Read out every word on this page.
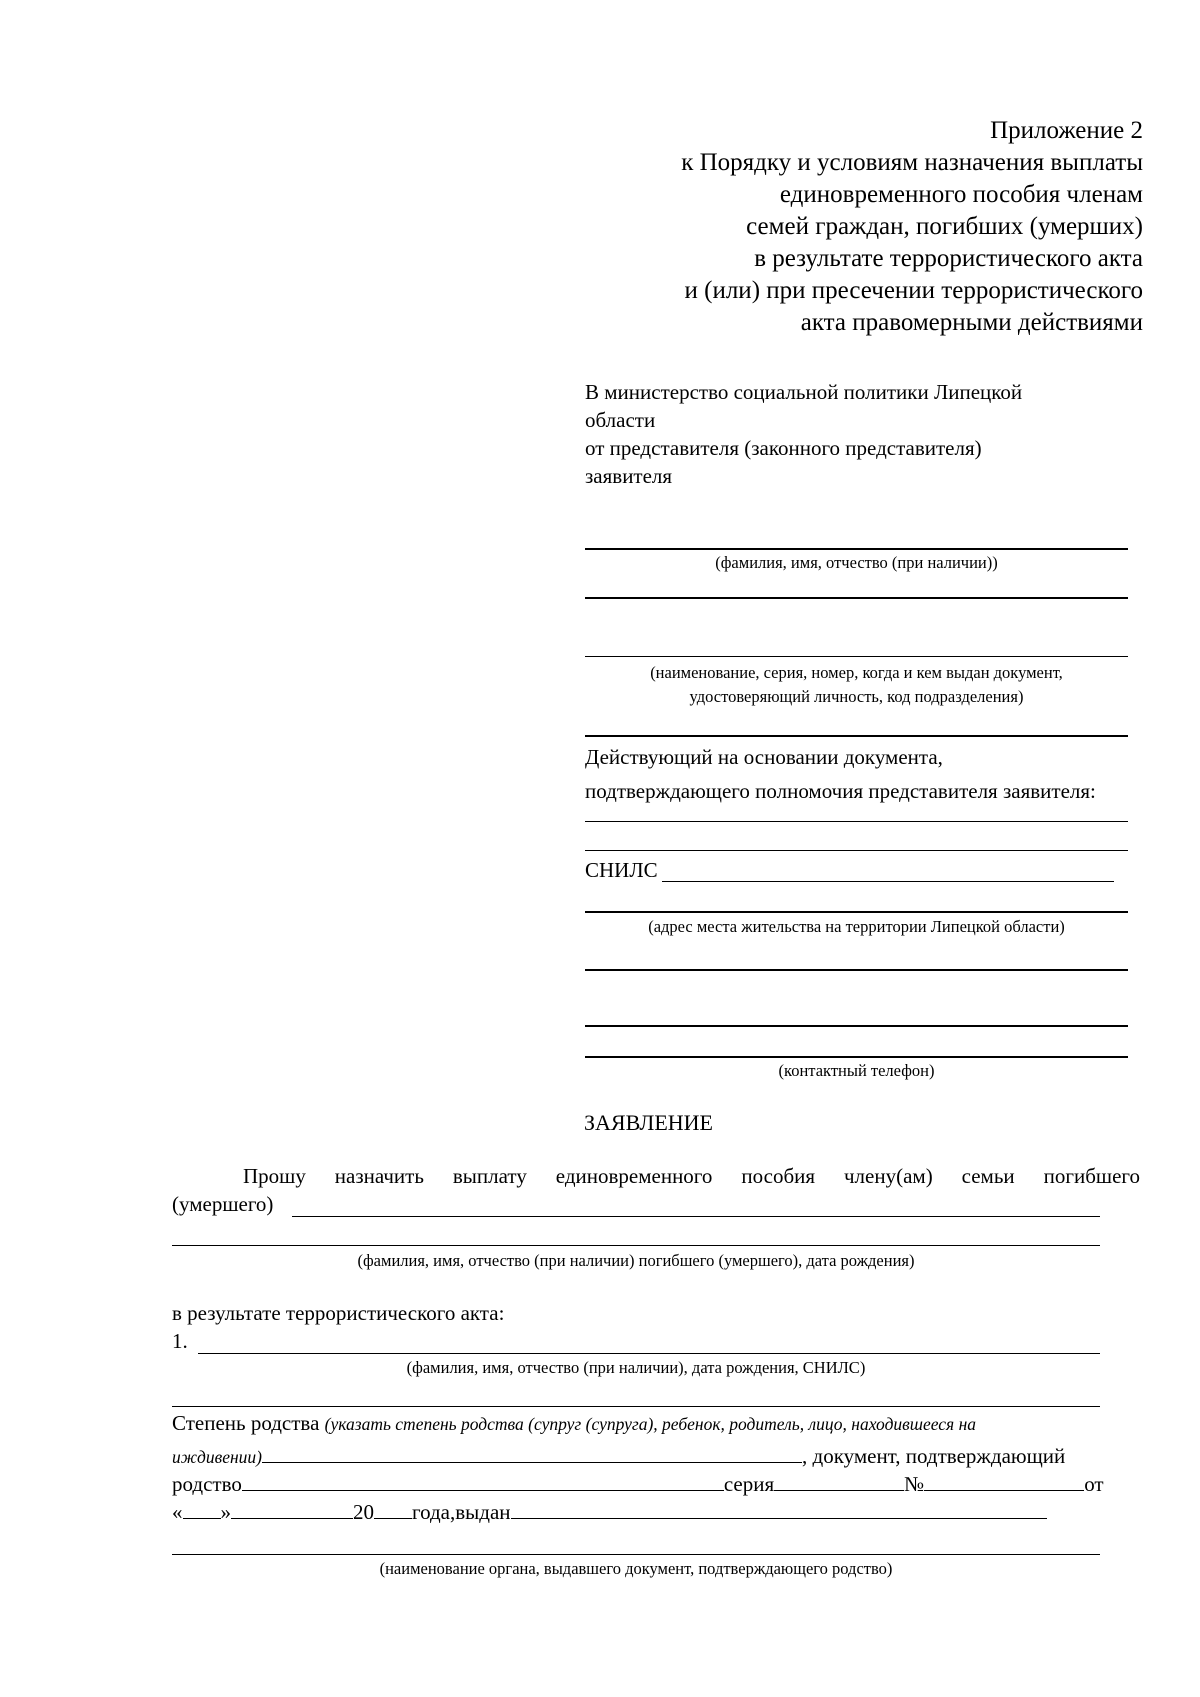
Приложение 2
к Порядку и условиям назначения выплаты
единовременного пособия членам
семей граждан, погибших (умерших)
в результате террористического акта
и (или) при пресечении террористического
акта правомерными действиями
В министерство социальной политики Липецкой
области
от представителя (законного представителя)
заявителя
(фамилия, имя, отчество (при наличии))
(наименование, серия, номер, когда и кем выдан документ,
удостоверяющий личность, код подразделения)
Действующий на основании документа,
подтверждающего полномочия представителя заявителя:
СНИЛС
(адрес места жительства на территории Липецкой области)
(контактный телефон)
ЗАЯВЛЕНИЕ
Прошу назначить выплату единовременного пособия члену(ам) семьи погибшего
(умершего)
(фамилия, имя, отчество (при наличии) погибшего (умершего), дата рождения)
в результате террористического акта:
1.
(фамилия, имя, отчество (при наличии), дата рождения, СНИЛС)
Степень родства (указать степень родства (супруг (супруга), ребенок, родитель, лицо, находившееся на
иждивении)	, документ, подтверждающий
родство	серия	№	от
« »	20 года,выдан
(наименование органа, выдавшего документ, подтверждающего родство)
